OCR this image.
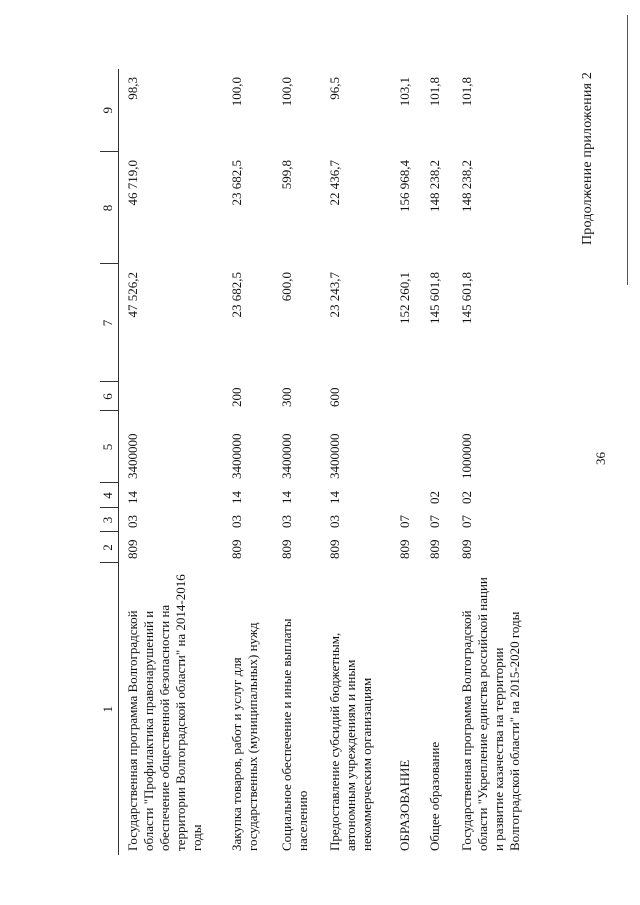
36
Продолжение приложения 2
1	2	3	4	5	6	7	8	9
Государственная программа Волгоградской области "Профилактика правонарушений и обеспечение общественной безопасности на территории Волгоградской области" на 2014-2016 годы	809	03	14	3400000		47 526,2	46 719,0	98,3
Закупка товаров, работ и услуг для государственных (муниципальных) нужд	809	03	14	3400000	200	23 682,5	23 682,5	100,0
Социальное обеспечение и иные выплаты населению	809	03	14	3400000	300	600,0	599,8	100,0
Предоставление субсидий бюджетным, автономным учреждениям и иным некоммерческим организациям	809	03	14	3400000	600	23 243,7	22 436,7	96,5
ОБРАЗОВАНИЕ	809	07				152 260,1	156 968,4	103,1
Общее образование	809	07	02			145 601,8	148 238,2	101,8
Государственная программа Волгоградской области "Укрепление единства российской нации и развитие казачества на территории Волгоградской области" на 2015-2020 годы	809	07	02	1000000		145 601,8	148 238,2	101,8
